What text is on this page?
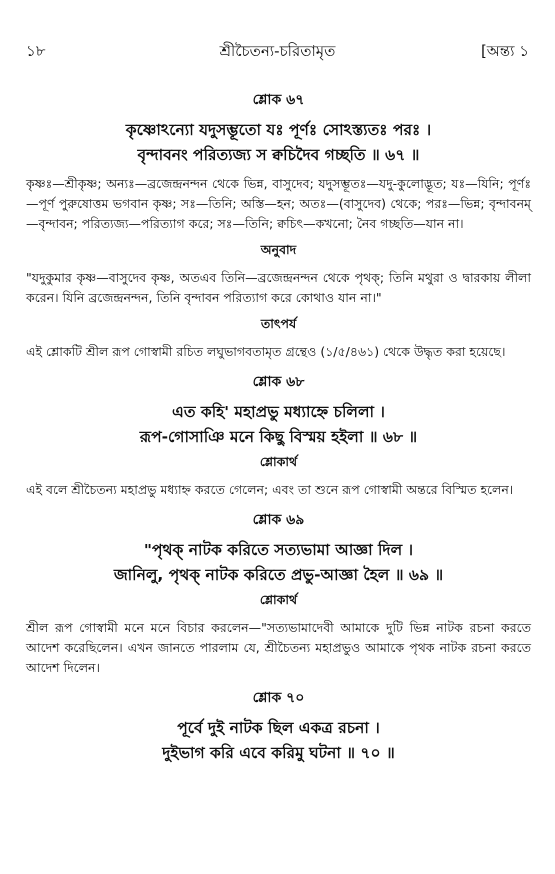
১৮	শ্রীচৈতন্য-চরিতামৃত	[অন্ত্য ১
শ্লোক ৬৭
কৃষ্ণোঽন্যো যদুসম্ভূতো যঃ পূর্ণঃ সোঽস্ত্যতঃ পরঃ ।
বৃন্দাবনং পরিত্যজ্য স ক্বচিদৈব গচ্ছতি ॥ ৬৭ ॥
কৃষ্ণঃ—শ্রীকৃষ্ণ; অন্যঃ—ব্রজেন্দ্রনন্দন থেকে ভিন্ন, বাসুদেব; যদুসম্ভূতঃ—যদু-কুলোদ্ভূত; যঃ—যিনি; পূর্ণঃ—পূর্ণ পুরুষোত্তম ভগবান কৃষ্ণ; সঃ—তিনি; অস্তি—হন; অতঃ—(বাসুদেব) থেকে; পরঃ—ভিন্ন; বৃন্দাবনম্—বৃন্দাবন; পরিত্যজ্য—পরিত্যাগ করে; সঃ—তিনি; ক্বচিৎ—কখনো; নৈব গচ্ছতি—যান না।
অনুবাদ
"যদুকুমার কৃষ্ণ—বাসুদেব কৃষ্ণ, অতএব তিনি—ব্রজেন্দ্রনন্দন থেকে পৃথক্; তিনি মথুরা ও দ্বারকায় লীলা করেন। যিনি ব্রজেন্দ্রনন্দন, তিনি বৃন্দাবন পরিত্যাগ করে কোথাও যান না।"
তাৎপর্য
এই শ্লোকটি শ্রীল রূপ গোস্বামী রচিত লঘুভাগবতামৃত গ্রন্থেও (১/৫/৪৬১) থেকে উদ্ধৃত করা হয়েছে।
শ্লোক ৬৮
এত কহি' মহাপ্রভু মধ্যাহ্নে চলিলা ।
রূপ-গোসাঞি মনে কিছু বিস্ময় হইলা ॥ ৬৮ ॥
শ্লোকার্থ
এই বলে শ্রীচৈতন্য মহাপ্রভু মধ্যাহ্ন করতে গেলেন; এবং তা শুনে রূপ গোস্বামী অন্তরে বিস্মিত হলেন।
শ্লোক ৬৯
"পৃথক্ নাটক করিতে সত্যভামা আজ্ঞা দিল ।
জানিলু, পৃথক্ নাটক করিতে প্রভু-আজ্ঞা হৈল ॥ ৬৯ ॥
শ্লোকার্থ
শ্রীল রূপ গোস্বামী মনে মনে বিচার করলেন—"সত্যভামাদেবী আমাকে দুটি ভিন্ন নাটক রচনা করতে আদেশ করেছিলেন। এখন জানতে পারলাম যে, শ্রীচৈতন্য মহাপ্রভুও আমাকে পৃথক নাটক রচনা করতে আদেশ দিলেন।
শ্লোক ৭০
পূর্বে দুই নাটক ছিল একত্র রচনা ।
দুইভাগ করি এবে করিমু ঘটনা ॥ ৭০ ॥
